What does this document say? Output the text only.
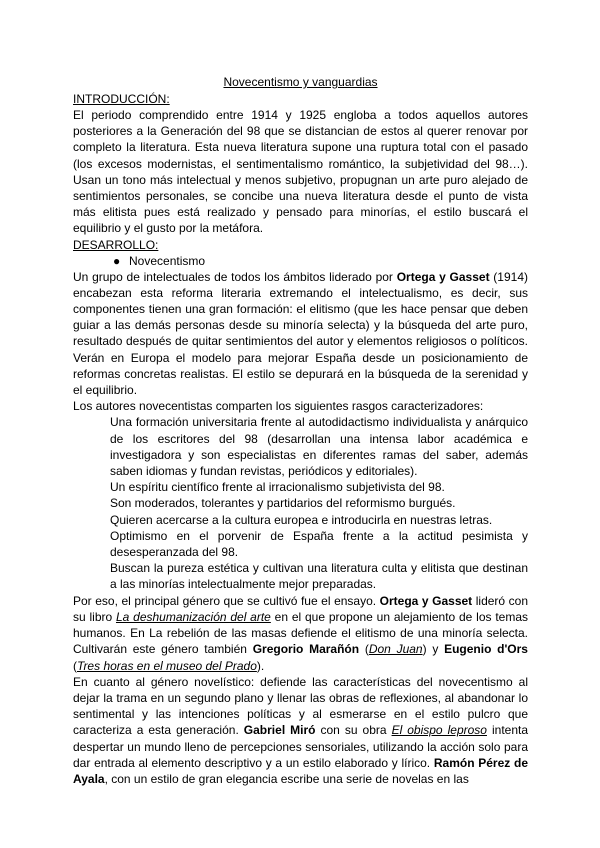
Novecentismo y vanguardias
INTRODUCCIÓN:

El periodo comprendido entre 1914 y 1925 engloba a todos aquellos autores posteriores a la Generación del 98 que se distancian de estos al querer renovar por completo la literatura. Esta nueva literatura supone una ruptura total con el pasado (los excesos modernistas, el sentimentalismo romántico, la subjetividad del 98…). Usan un tono más intelectual y menos subjetivo, propugnan un arte puro alejado de sentimientos personales, se concibe una nueva literatura desde el punto de vista más elitista pues está realizado y pensado para minorías, el estilo buscará el equilibrio y el gusto por la metáfora.

DESARROLLO:
● Novecentismo

Un grupo de intelectuales de todos los ámbitos liderado por Ortega y Gasset (1914) encabezan esta reforma literaria extremando el intelectualismo, es decir, sus componentes tienen una gran formación: el elitismo (que les hace pensar que deben guiar a las demás personas desde su minoría selecta) y la búsqueda del arte puro, resultado después de quitar sentimientos del autor y elementos religiosos o políticos. Verán en Europa el modelo para mejorar España desde un posicionamiento de reformas concretas realistas. El estilo se depurará en la búsqueda de la serenidad y el equilibrio.

Los autores novecentistas comparten los siguientes rasgos caracterizadores:

Una formación universitaria frente al autodidactismo individualista y anárquico de los escritores del 98 (desarrollan una intensa labor académica e investigadora y son especialistas en diferentes ramas del saber, además saben idiomas y fundan revistas, periódicos y editoriales).

Un espíritu científico frente al irracionalismo subjetivista del 98.

Son moderados, tolerantes y partidarios del reformismo burgués.

Quieren acercarse a la cultura europea e introducirla en nuestras letras.

Optimismo en el porvenir de España frente a la actitud pesimista y desesperanzada del 98.

Buscan la pureza estética y cultivan una literatura culta y elitista que destinan a las minorías intelectualmente mejor preparadas.

Por eso, el principal género que se cultivó fue el ensayo. Ortega y Gasset lideró con su libro La deshumanización del arte en el que propone un alejamiento de los temas humanos. En La rebelión de las masas defiende el elitismo de una minoría selecta. Cultivarán este género también Gregorio Marañón (Don Juan) y Eugenio d'Ors (Tres horas en el museo del Prado).

En cuanto al género novelístico: defiende las características del novecentismo al dejar la trama en un segundo plano y llenar las obras de reflexiones, al abandonar lo sentimental y las intenciones políticas y al esmerarse en el estilo pulcro que caracteriza a esta generación. Gabriel Miró con su obra El obispo leproso intenta despertar un mundo lleno de percepciones sensoriales, utilizando la acción solo para dar entrada al elemento descriptivo y a un estilo elaborado y lírico. Ramón Pérez de Ayala, con un estilo de gran elegancia escribe una serie de novelas en las
